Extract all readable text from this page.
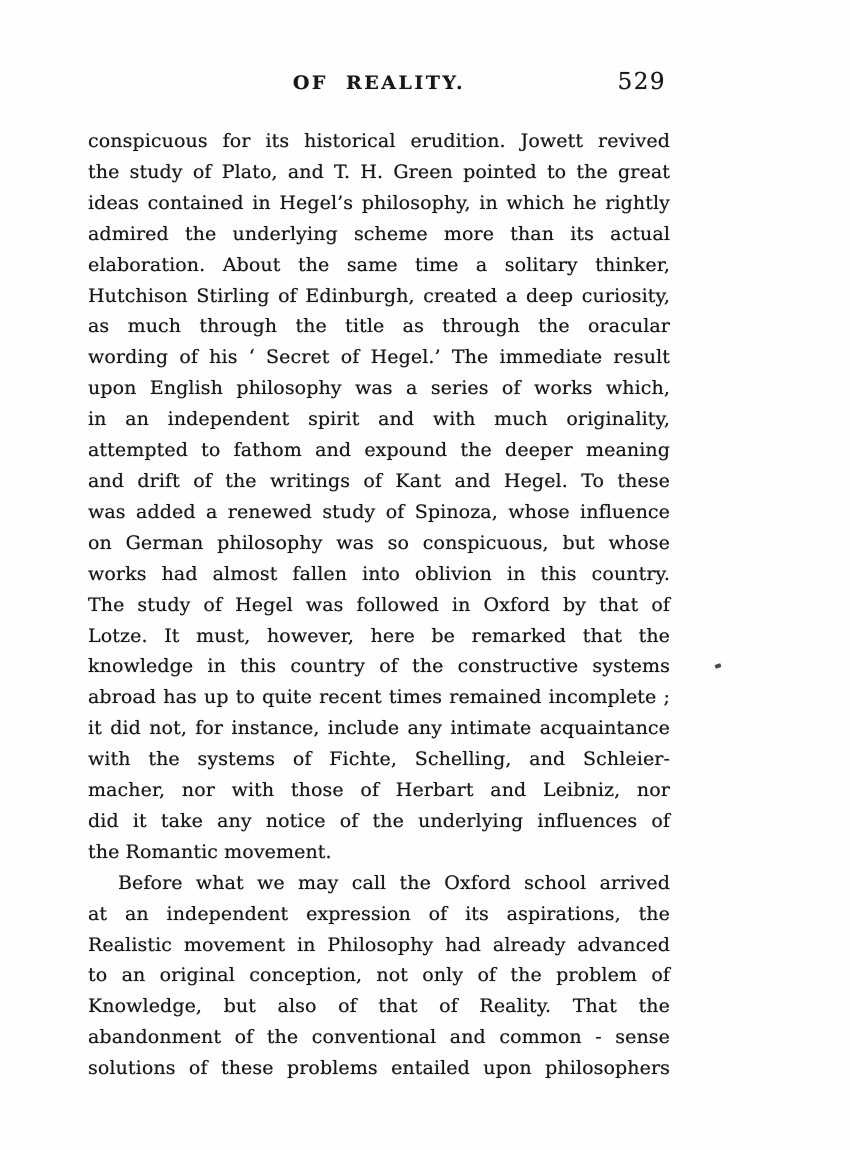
OF REALITY.	529
conspicuous for its historical erudition. Jowett revived
the study of Plato, and T. H. Green pointed to the great
ideas contained in Hegel’s philosophy, in which he rightly
admired the underlying scheme more than its actual
elaboration. About the same time a solitary thinker,
Hutchison Stirling of Edinburgh, created a deep curiosity,
as much through the title as through the oracular
wording of his ‘ Secret of Hegel.’ The immediate result
upon English philosophy was a series of works which,
in an independent spirit and with much originality,
attempted to fathom and expound the deeper meaning
and drift of the writings of Kant and Hegel. To these
was added a renewed study of Spinoza, whose influence
on German philosophy was so conspicuous, but whose
works had almost fallen into oblivion in this country.
The study of Hegel was followed in Oxford by that of
Lotze. It must, however, here be remarked that the
knowledge in this country of the constructive systems
abroad has up to quite recent times remained incomplete ;
it did not, for instance, include any intimate acquaintance
with the systems of Fichte, Schelling, and Schleier-
macher, nor with those of Herbart and Leibniz, nor
did it take any notice of the underlying influences of
the Romantic movement.
Before what we may call the Oxford school arrived
at an independent expression of its aspirations, the
Realistic movement in Philosophy had already advanced
to an original conception, not only of the problem of
Knowledge, but also of that of Reality. That the
abandonment of the conventional and common - sense
solutions of these problems entailed upon philosophers
